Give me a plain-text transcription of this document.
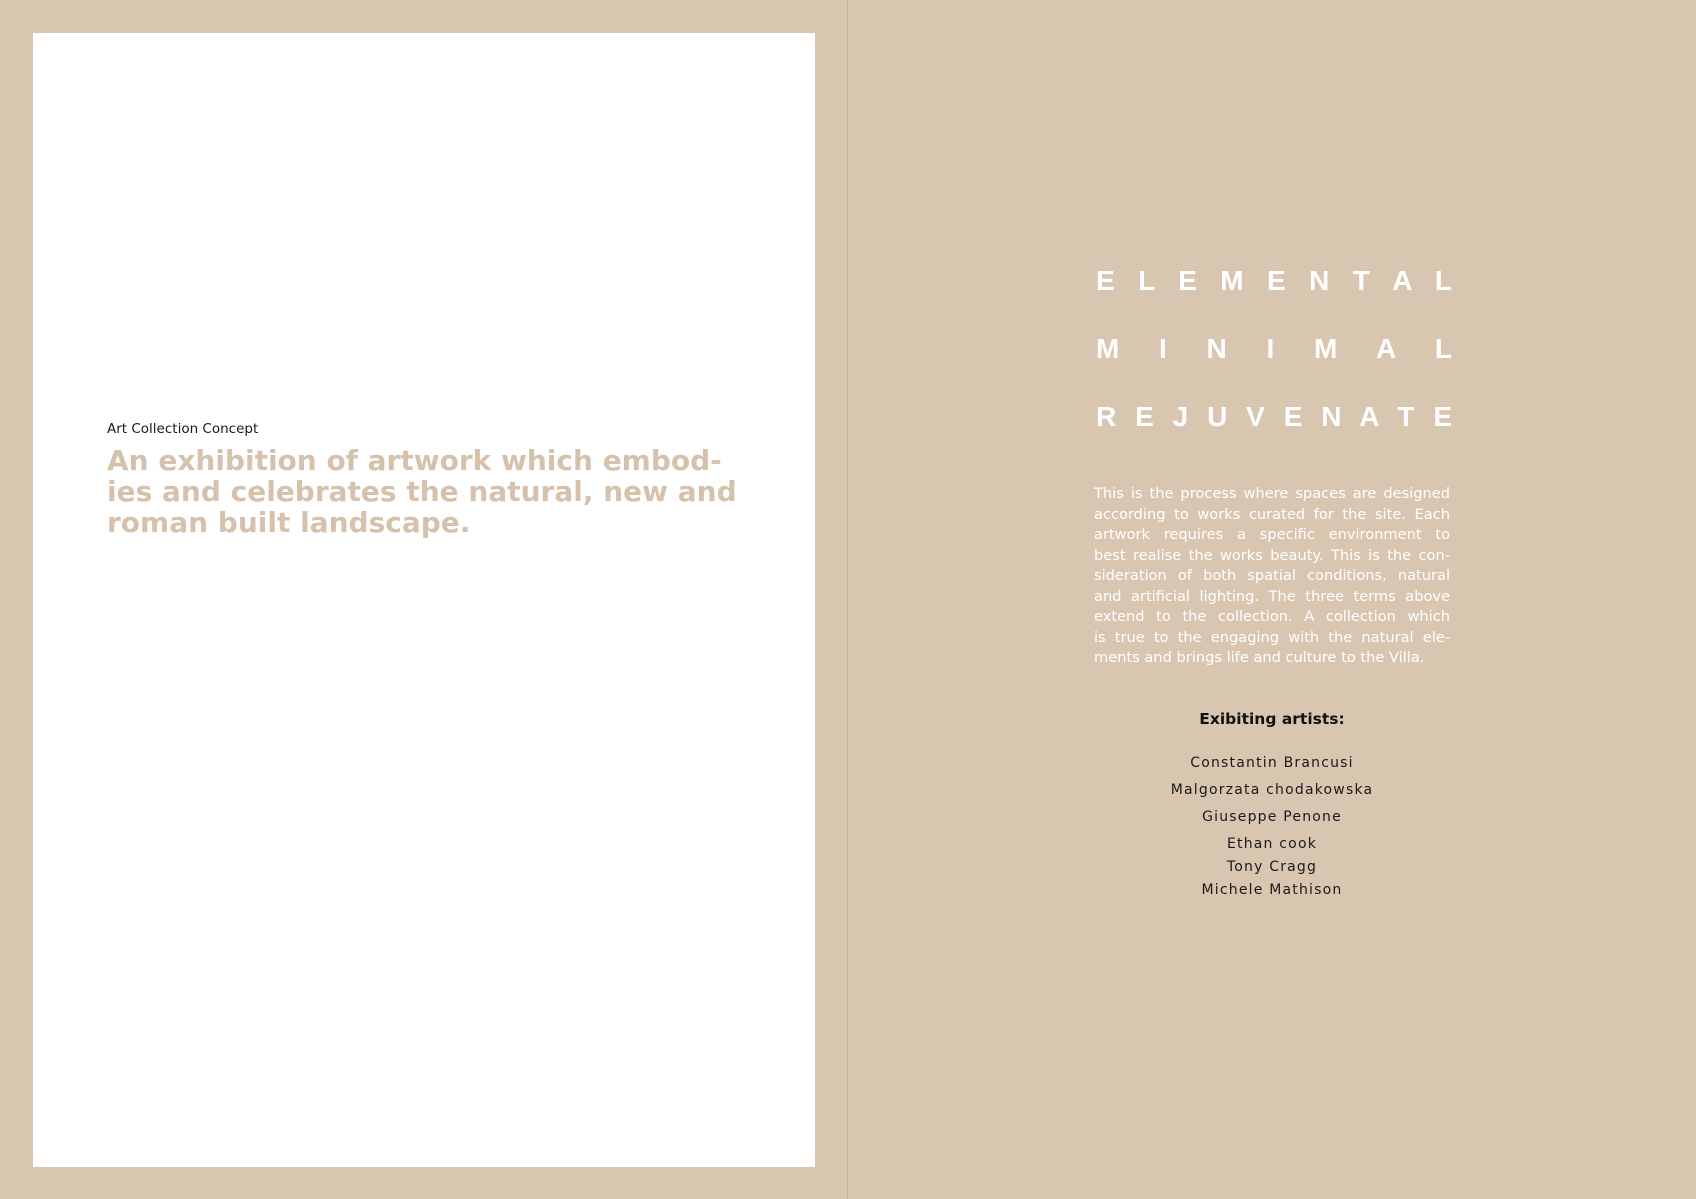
Art Collection Concept
An exhibition of artwork which embod-
ies and celebrates the natural, new and
roman built landscape.
E L E M E N T A L
M I N I M A L
R E J U V E N A T E

This is the process where spaces are designed
according to works curated for the site. Each
artwork requires a specific environment to
best realise the works beauty. This is the con-
sideration of both spatial conditions, natural
and artificial lighting. The three terms above
extend to the collection. A collection which
is true to the engaging with the natural ele-
ments and brings life and culture to the Villa.

Exibiting artists:
Constantin Brancusi
Malgorzata chodakowska
Giuseppe Penone
Ethan cook
Tony Cragg
Michele Mathison
